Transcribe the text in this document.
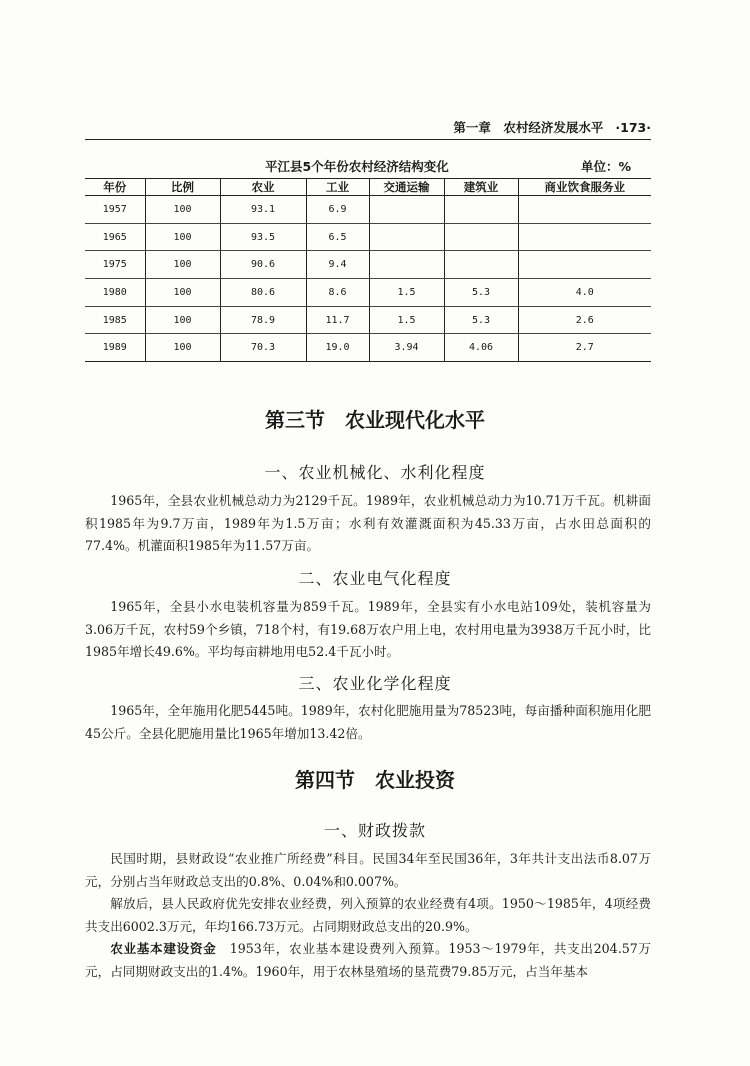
第一章　农村经济发展水平 ·173·
平江县5个年份农村经济结构变化	单位：%
年份	比例	农业	工业	交通运输	建筑业	商业饮食服务业
1957	100	93.1	6.9			
1965	100	93.5	6.5			
1975	100	90.6	9.4			
1980	100	80.6	8.6	1.5	5.3	4.0
1985	100	78.9	11.7	1.5	5.3	2.6
1989	100	70.3	19.0	3.94	4.06	2.7
第三节　农业现代化水平
一、农业机械化、水利化程度
1965年，全县农业机械总动力为2129千瓦。1989年，农业机械总动力为10.71万千瓦。机耕面积1985年为9.7万亩，1989年为1.5万亩；水利有效灌溉面积为45.33万亩，占水田总面积的77.4%。机灌面积1985年为11.57万亩。
二、农业电气化程度
1965年，全县小水电装机容量为859千瓦。1989年，全县实有小水电站109处，装机容量为3.06万千瓦，农村59个乡镇，718个村，有19.68万农户用上电，农村用电量为3938万千瓦小时，比1985年增长49.6%。平均每亩耕地用电52.4千瓦小时。
三、农业化学化程度
1965年，全年施用化肥5445吨。1989年，农村化肥施用量为78523吨，每亩播种面积施用化肥45公斤。全县化肥施用量比1965年增加13.42倍。
第四节　农业投资
一、财政拨款
民国时期，县财政设“农业推广所经费”科目。民国34年至民国36年，3年共计支出法币8.07万元，分别占当年财政总支出的0.8%、0.04%和0.007%。
解放后，县人民政府优先安排农业经费，列入预算的农业经费有4项。1950～1985年，4项经费共支出6002.3万元，年均166.73万元。占同期财政总支出的20.9%。
农业基本建设资金　1953年，农业基本建设费列入预算。1953～1979年，共支出204.57万元，占同期财政支出的1.4%。1960年，用于农林垦殖场的垦荒费79.85万元，占当年基本
